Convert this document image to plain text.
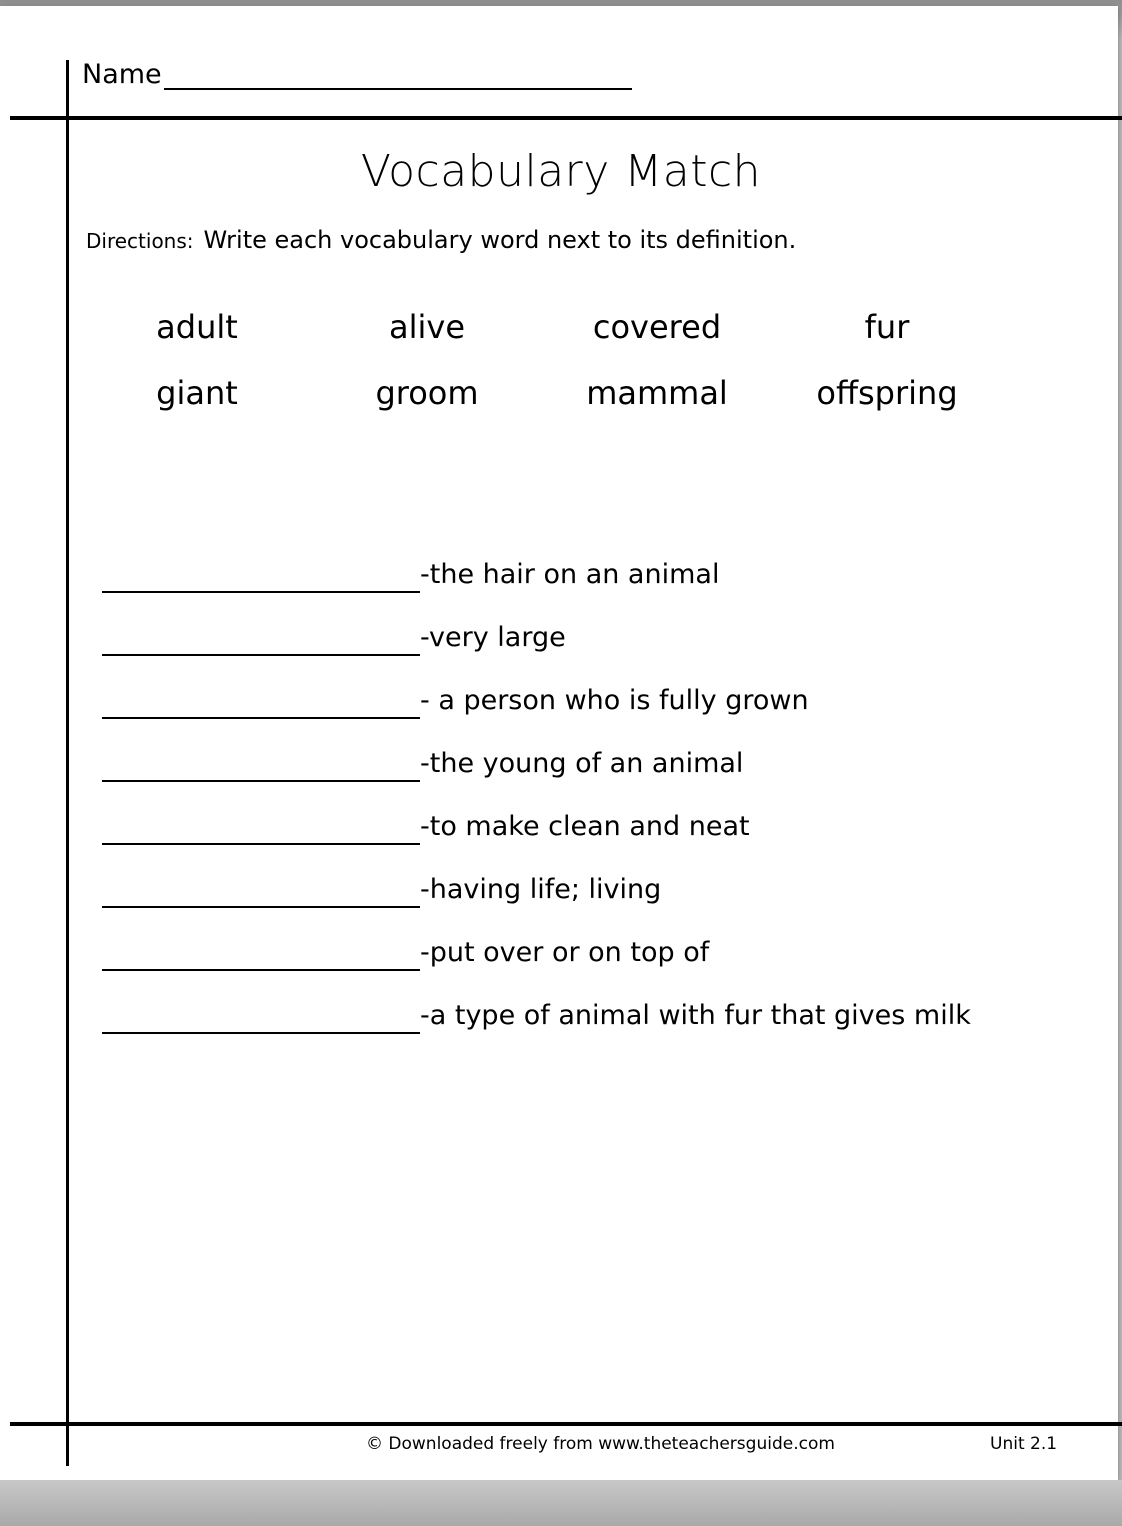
Name
Vocabulary Match
Directions: Write each vocabulary word next to its definition.
adult	alive	covered	fur
giant	groom	mammal	offspring
-the hair on an animal
-very large
- a person who is fully grown
-the young of an animal
-to make clean and neat
-having life; living
-put over or on top of
-a type of animal with fur that gives milk
© Downloaded freely from www.theteachersguide.com	Unit 2.1
